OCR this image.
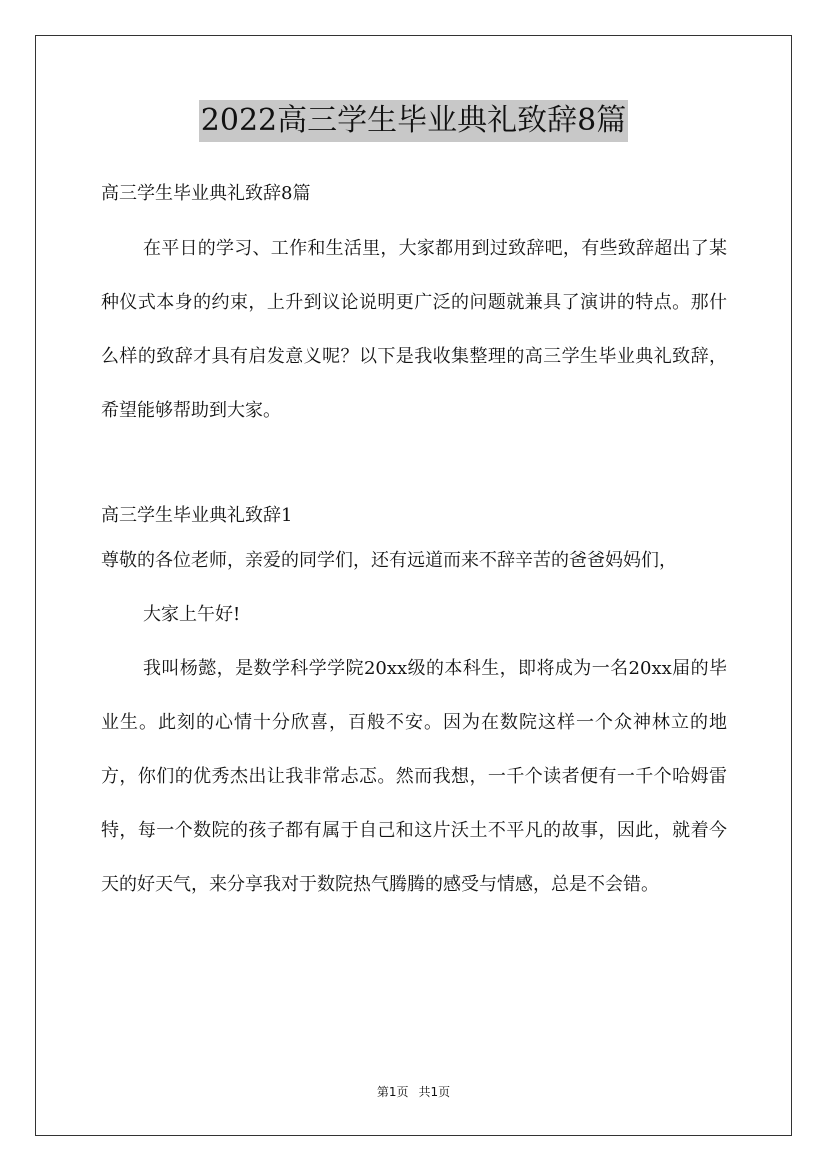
2022高三学生毕业典礼致辞8篇

高三学生毕业典礼致辞8篇

在平日的学习、工作和生活里，大家都用到过致辞吧，有些致辞超出了某种仪式本身的约束，上升到议论说明更广泛的问题就兼具了演讲的特点。那什么样的致辞才具有启发意义呢？以下是我收集整理的高三学生毕业典礼致辞，希望能够帮助到大家。

高三学生毕业典礼致辞1

尊敬的各位老师，亲爱的同学们，还有远道而来不辞辛苦的爸爸妈妈们，

大家上午好!

我叫杨懿，是数学科学学院20xx级的本科生，即将成为一名20xx届的毕业生。此刻的心情十分欣喜，百般不安。因为在数院这样一个众神林立的地方，你们的优秀杰出让我非常忐忑。然而我想，一千个读者便有一千个哈姆雷特，每一个数院的孩子都有属于自己和这片沃土不平凡的故事，因此，就着今天的好天气，来分享我对于数院热气腾腾的感受与情感，总是不会错。

第1页 共1页
